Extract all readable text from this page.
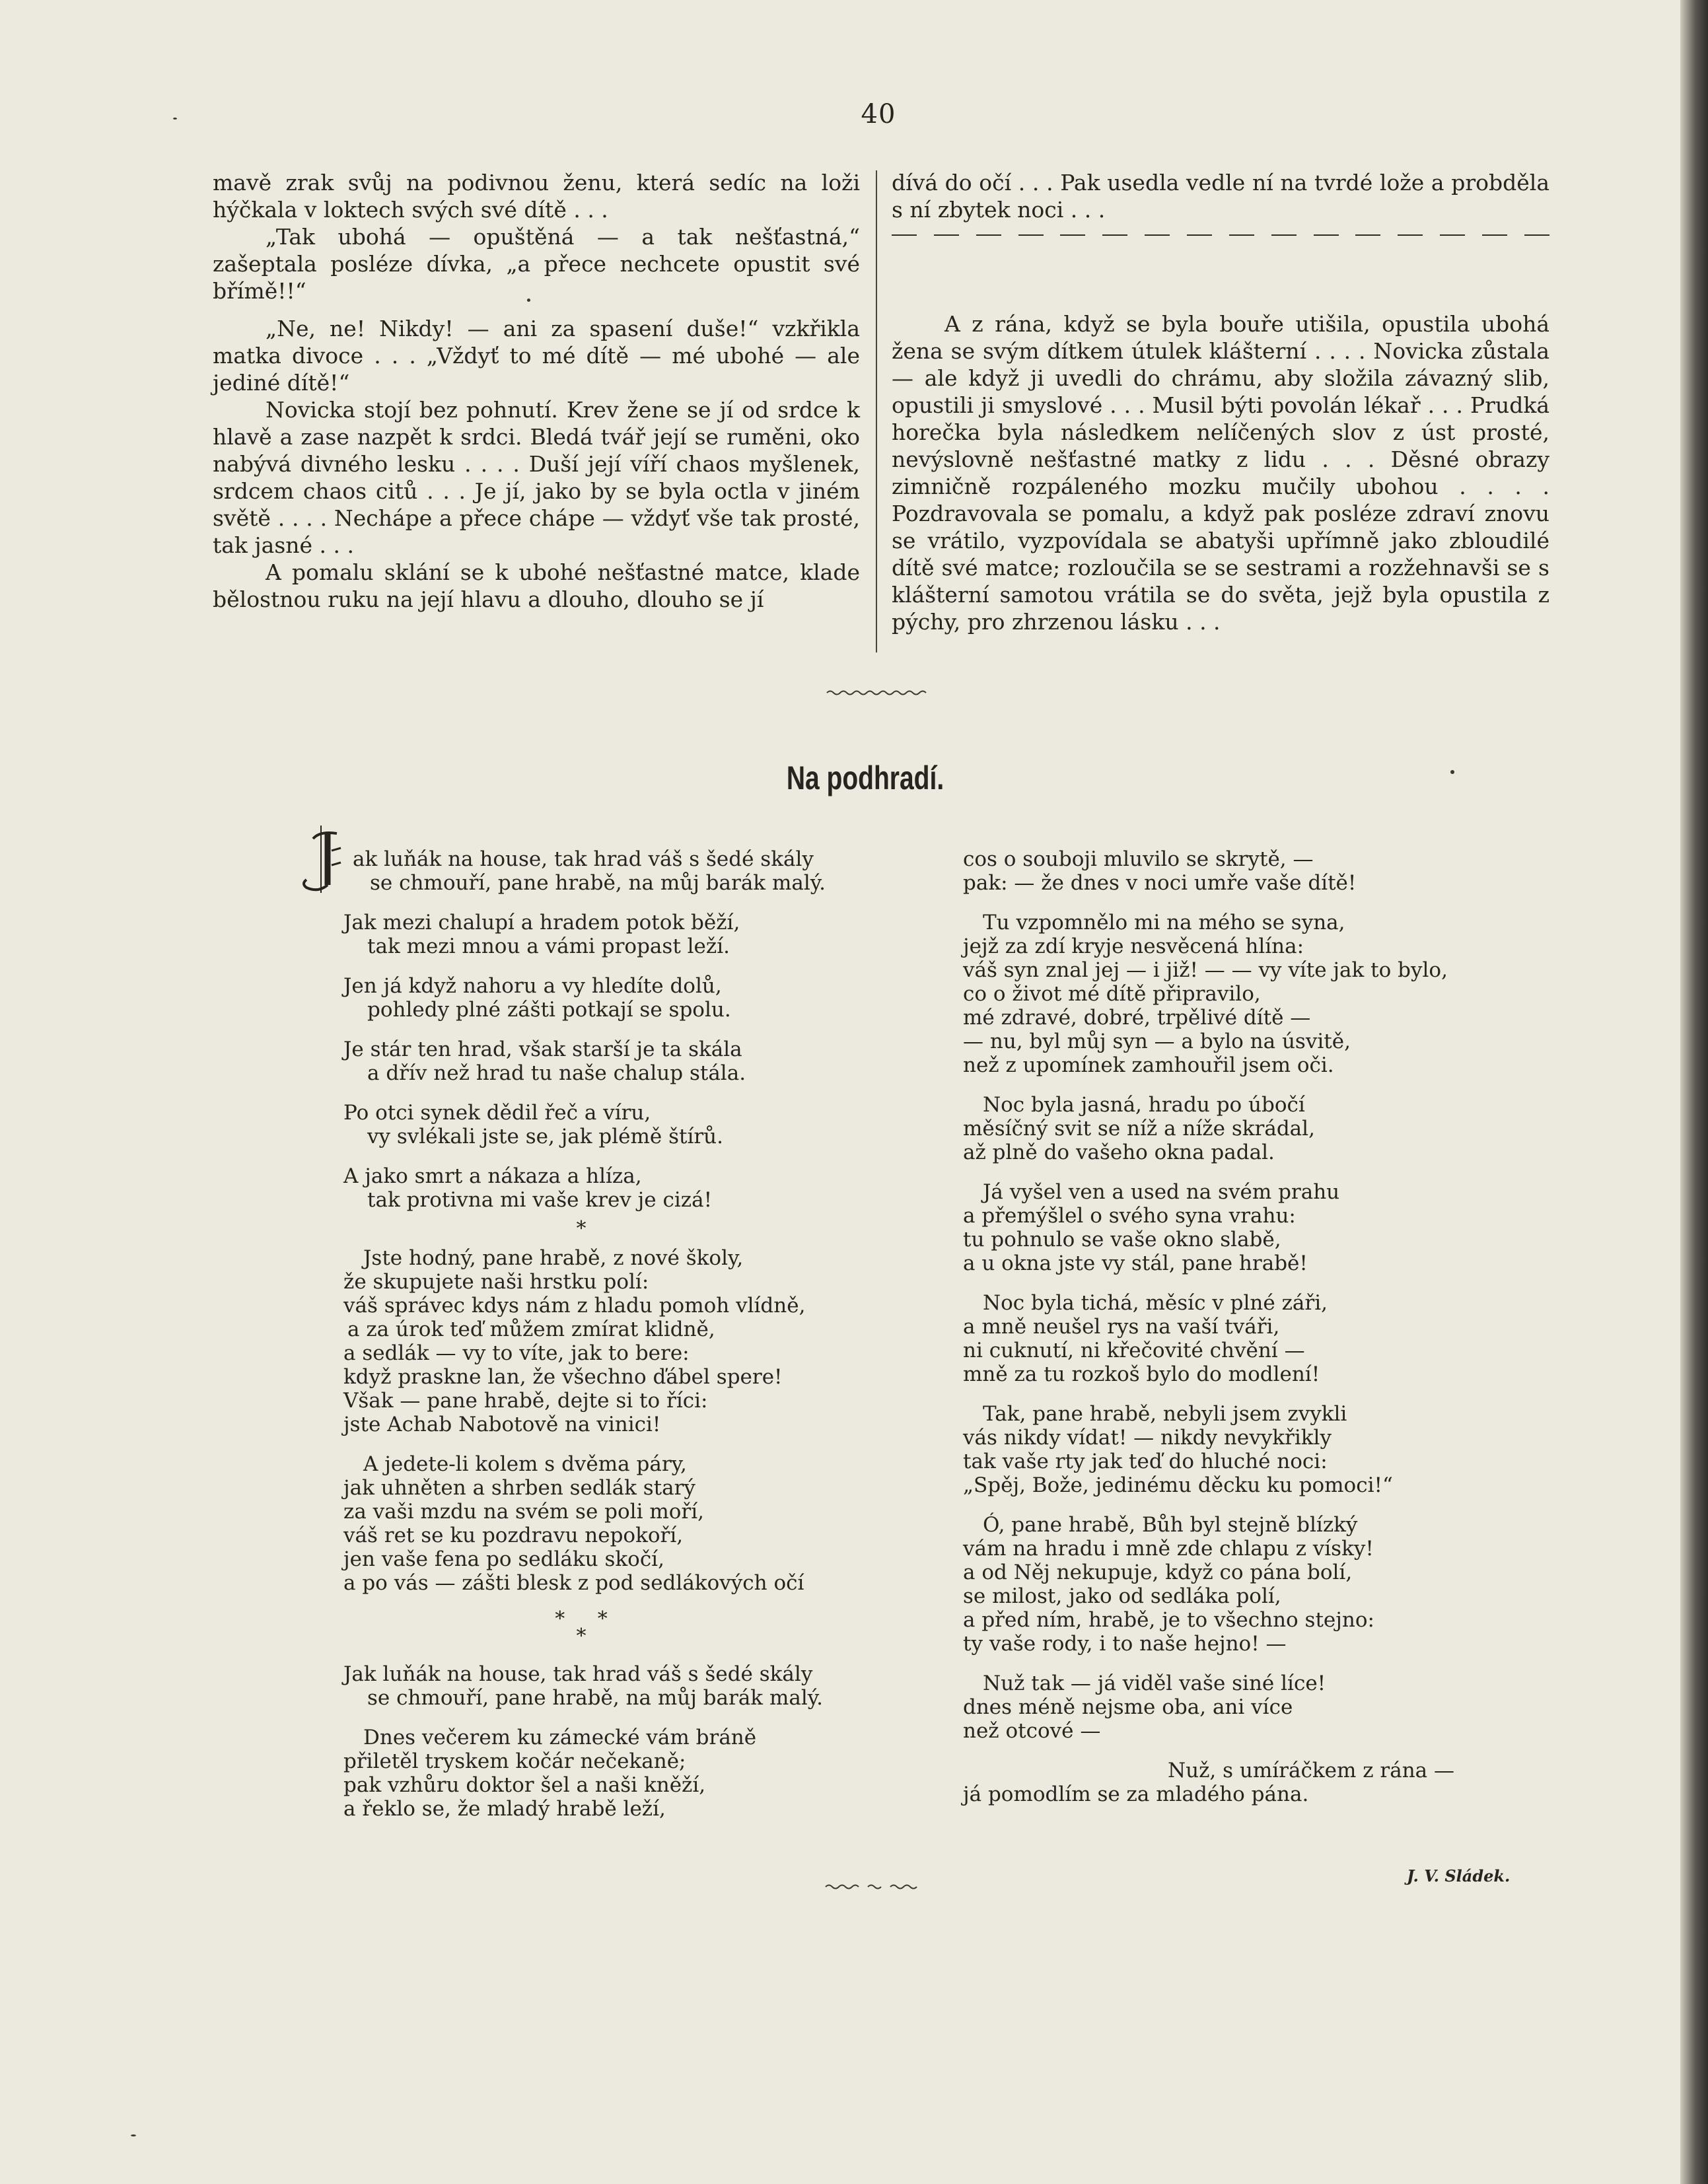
40

mavě zrak svůj na podivnou ženu, která sedíc na loži hýčkala v loktech svých své dítě . . .

„Tak ubohá — opuštěná — a tak nešťastná,“ zašeptala posléze dívka, „a přece nechcete opustit své břímě!!“

„Ne, ne! Nikdy! — ani za spasení duše!“ vzkřikla matka divoce . . . „Vždyť to mé dítě — mé ubohé — ale jediné dítě!“

Novicka stojí bez pohnutí. Krev žene se jí od srdce k hlavě a zase nazpět k srdci. Bledá tvář její se ruměni, oko nabývá divného lesku . . . . Duší její víří chaos myšlenek, srdcem chaos citů . . . Je jí, jako by se byla octla v jiném světě . . . . Nechápe a přece chápe — vždyť vše tak prosté, tak jasné . . .

A pomalu sklání se k ubohé nešťastné matce, klade bělostnou ruku na její hlavu a dlouho, dlouho se jí

dívá do očí . . . Pak usedla vedle ní na tvrdé lože a probděla s ní zbytek noci . . .

A z rána, když se byla bouře utišila, opustila ubohá žena se svým dítkem útulek klášterní . . . . Novicka zůstala — ale když ji uvedli do chrámu, aby složila závazný slib, opustili ji smyslové . . . Musil býti povolán lékař . . . Prudká horečka byla následkem nelíčených slov z úst prosté, nevýslovně nešťastné matky z lidu . . . Děsné obrazy zimničně rozpáleného mozku mučily ubohou . . . . Pozdravovala se pomalu, a když pak posléze zdraví znovu se vrátilo, vyzpovídala se abatyši upřímně jako zbloudilé dítě své matce; rozloučila se se sestrami a rozžehnavši se s klášterní samotou vrátila se do světa, jejž byla opustila z pýchy, pro zhrzenou lásku . . .

Na podhradí.
J
ak luňák na house, tak hrad váš s šedé skály
se chmouří, pane hrabě, na můj barák malý.
Jak mezi chalupí a hradem potok běží,
tak mezi mnou a vámi propast leží.
Jen já když nahoru a vy hledíte dolů,
pohledy plné zášti potkají se spolu.
Je stár ten hrad, však starší je ta skála
a dřív než hrad tu naše chalup stála.
Po otci synek dědil řeč a víru,
vy svlékali jste se, jak plémě štírů.
A jako smrt a nákaza a hlíza,
tak protivna mi vaše krev je cizá!
*
Jste hodný, pane hrabě, z nové školy,
že skupujete naši hrstku polí:
váš správec kdys nám z hladu pomoh vlídně,
a za úrok teď můžem zmírat klidně,
a sedlák — vy to víte, jak to bere:
když praskne lan, že všechno ďábel spere!
Však — pane hrabě, dejte si to říci:
jste Achab Nabotově na vinici!
A jedete-li kolem s dvěma páry,
jak uhněten a shrben sedlák starý
za vaši mzdu na svém se poli moří,
váš ret se ku pozdravu nepokoří,
jen vaše fena po sedláku skočí,
a po vás — zášti blesk z pod sedlákových očí
* *
*
Jak luňák na house, tak hrad váš s šedé skály
se chmouří, pane hrabě, na můj barák malý.
Dnes večerem ku zámecké vám bráně
přiletěl tryskem kočár nečekaně;
pak vzhůru doktor šel a naši kněží,
a řeklo se, že mladý hrabě leží,
cos o souboji mluvilo se skrytě, —
pak: — že dnes v noci umře vaše dítě!
Tu vzpomnělo mi na mého se syna,
jejž za zdí kryje nesvěcená hlína:
váš syn znal jej — i již! — — vy víte jak to bylo,
co o život mé dítě připravilo,
mé zdravé, dobré, trpělivé dítě —
— nu, byl můj syn — a bylo na úsvitě,
než z upomínek zamhouřil jsem oči.
Noc byla jasná, hradu po úbočí
měsíčný svit se níž a níže skrádal,
až plně do vašeho okna padal.
Já vyšel ven a used na svém prahu
a přemýšlel o svého syna vrahu:
tu pohnulo se vaše okno slabě,
a u okna jste vy stál, pane hrabě!
Noc byla tichá, měsíc v plné záři,
a mně neušel rys na vaší tváři,
ni cuknutí, ni křečovité chvění —
mně za tu rozkoš bylo do modlení!
Tak, pane hrabě, nebyli jsem zvykli
vás nikdy vídat! — nikdy nevykřikly
tak vaše rty jak teď do hluché noci:
„Spěj, Bože, jedinému děcku ku pomoci!“
Ó, pane hrabě, Bůh byl stejně blízký
vám na hradu i mně zde chlapu z vísky!
a od Něj nekupuje, když co pána bolí,
se milost, jako od sedláka polí,
a před ním, hrabě, je to všechno stejno:
ty vaše rody, i to naše hejno! —
Nuž tak — já viděl vaše siné líce!
dnes méně nejsme oba, ani více
než otcové —
Nuž, s umíráčkem z rána —
já pomodlím se za mladého pána.
J. V. Sládek.
